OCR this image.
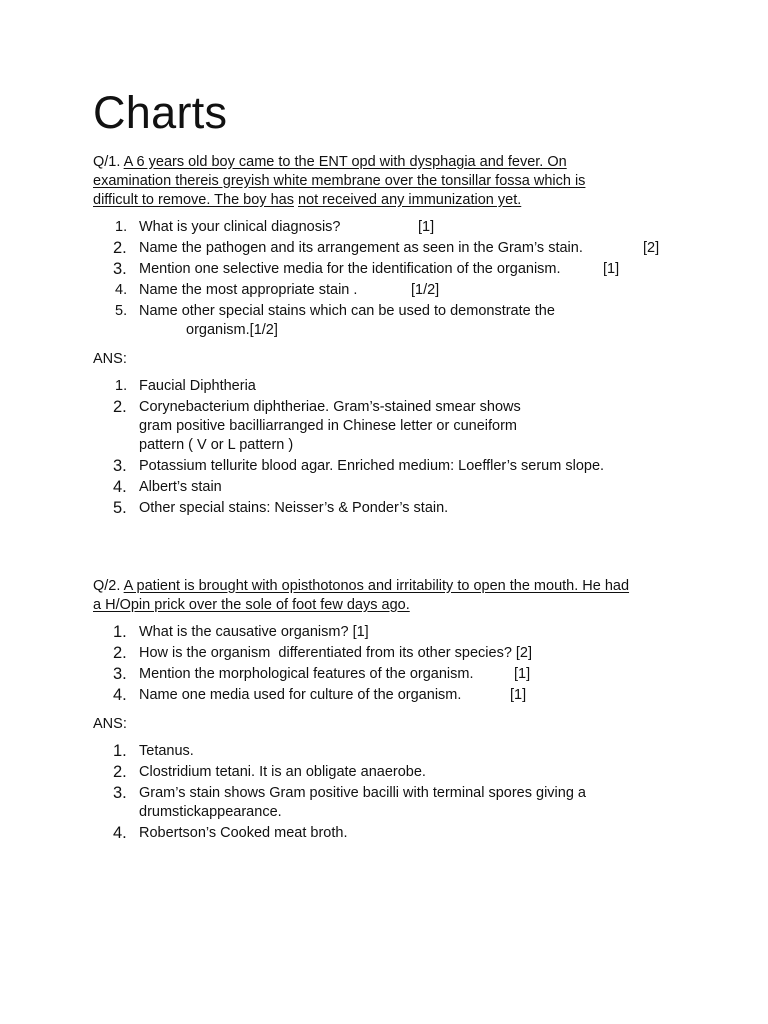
Charts
Q/1. A 6 years old boy came to the ENT opd with dysphagia and fever. On
examination thereis greyish white membrane over the tonsillar fossa which is
difficult to remove. The boy has not received any immunization yet.
1. What is your clinical diagnosis?	[1]
2. Name the pathogen and its arrangement as seen in the Gram’s stain.	[2]
3. Mention one selective media for the identification of the organism.	[1]
4. Name the most appropriate stain .	[1/2]
5. Name other special stains which can be used to demonstrate the
organism.[1/2]
ANS:
1. Faucial Diphtheria
2. Corynebacterium diphtheriae. Gram’s-stained smear shows gram positive bacilliarranged in Chinese letter or cuneiform pattern ( V or L pattern )
3. Potassium tellurite blood agar. Enriched medium: Loeffler’s serum slope.
4. Albert’s stain
5. Other special stains: Neisser’s & Ponder’s stain.
Q/2. A patient is brought with opisthotonos and irritability to open the mouth. He had
a H/Opin prick over the sole of foot few days ago.
1. What is the causative organism? [1]
2. How is the organism  differentiated from its other species? [2]
3. Mention the morphological features of the organism.	[1]
4. Name one media used for culture of the organism.	[1]
ANS:
1. Tetanus.
2. Clostridium tetani. It is an obligate anaerobe.
3. Gram’s stain shows Gram positive bacilli with terminal spores giving a drumstickappearance.
4. Robertson’s Cooked meat broth.
